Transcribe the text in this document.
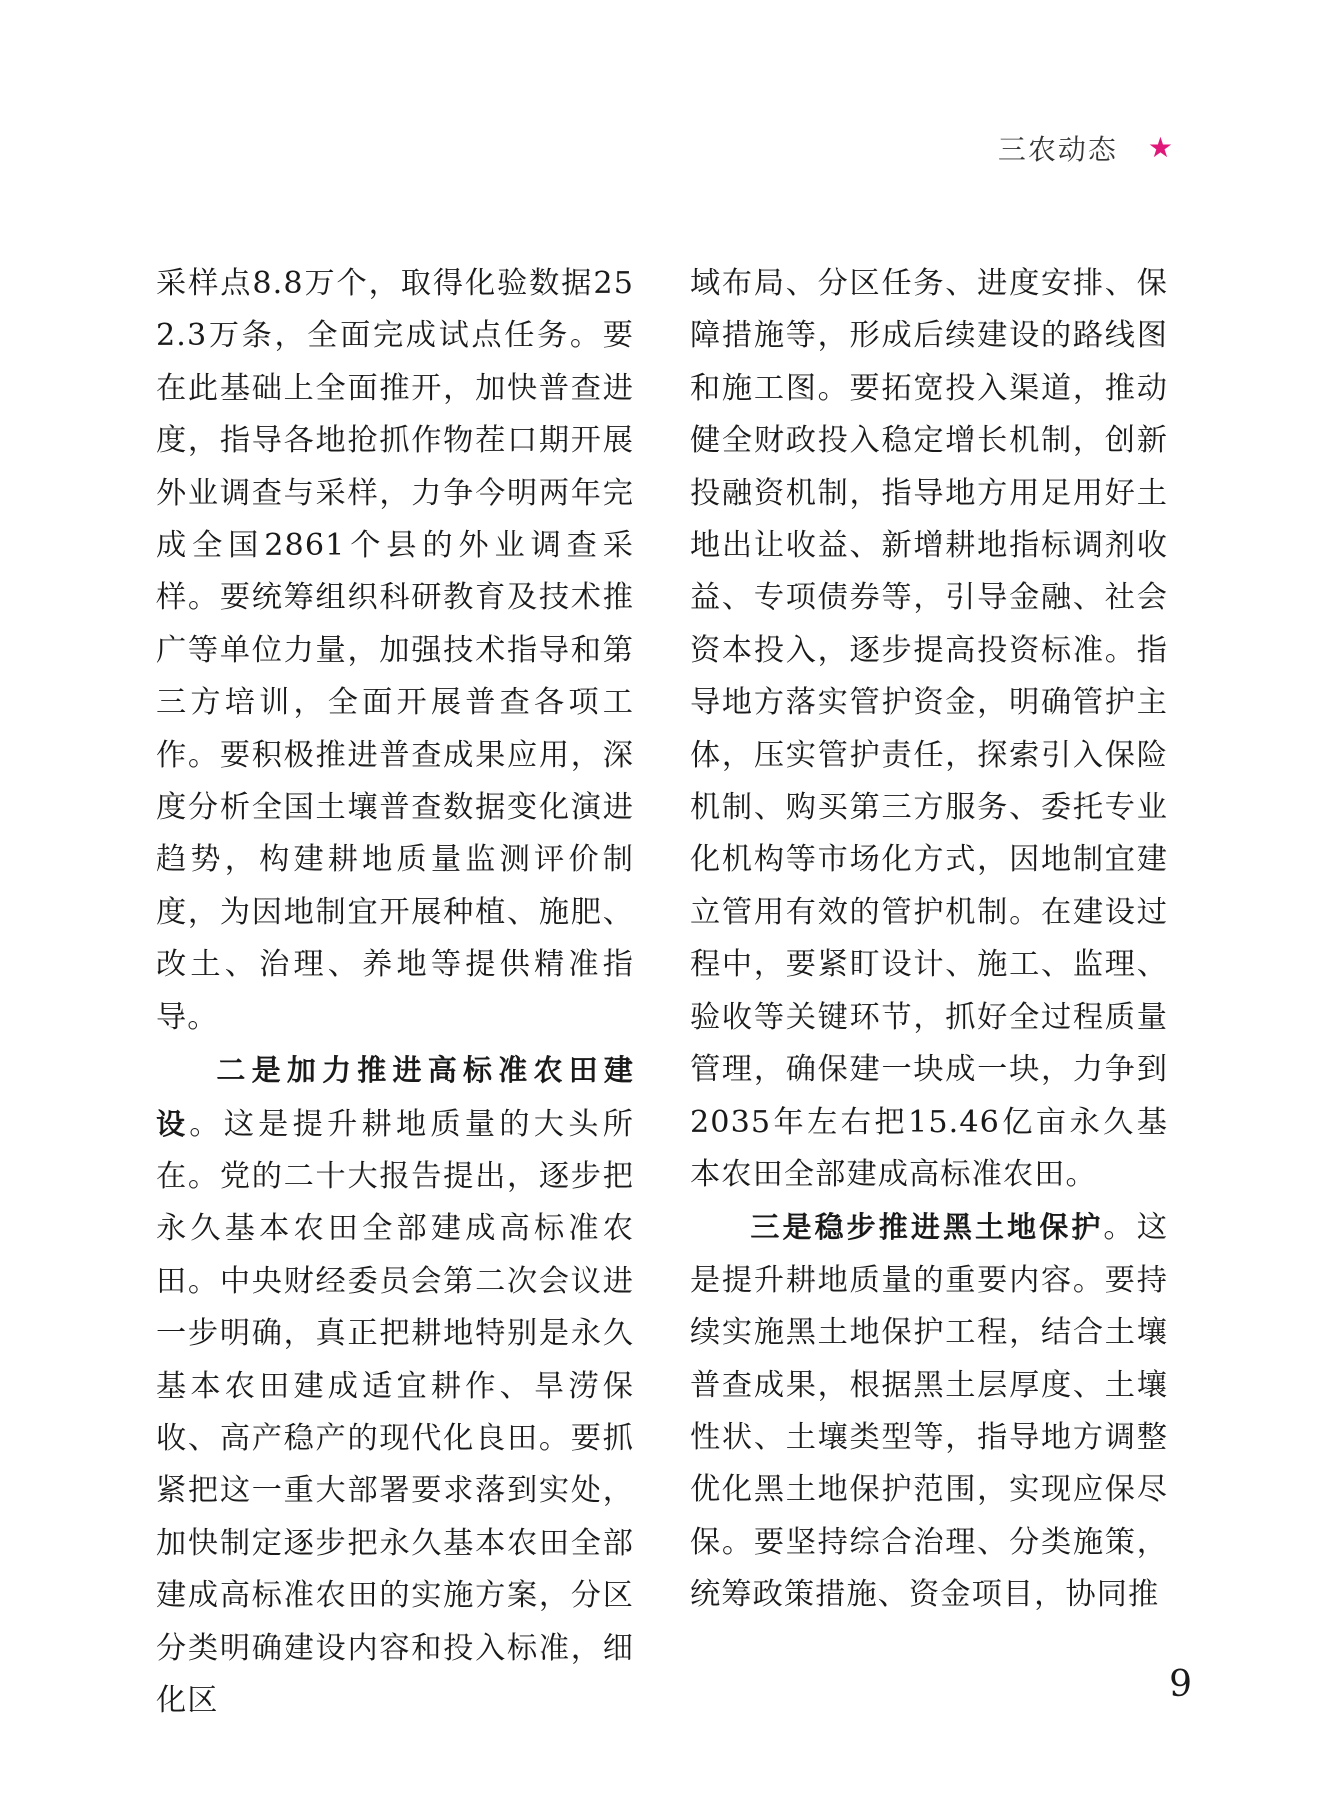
三农动态 ★

采样点8.8万个，取得化验数据252.3万条，全面完成试点任务。要在此基础上全面推开，加快普查进度，指导各地抢抓作物茬口期开展外业调查与采样，力争今明两年完成全国2861个县的外业调查采样。要统筹组织科研教育及技术推广等单位力量，加强技术指导和第三方培训，全面开展普查各项工作。要积极推进普查成果应用，深度分析全国土壤普查数据变化演进趋势，构建耕地质量监测评价制度，为因地制宜开展种植、施肥、改土、治理、养地等提供精准指导。

二是加力推进高标准农田建设。这是提升耕地质量的大头所在。党的二十大报告提出，逐步把永久基本农田全部建成高标准农田。中央财经委员会第二次会议进一步明确，真正把耕地特别是永久基本农田建成适宜耕作、旱涝保收、高产稳产的现代化良田。要抓紧把这一重大部署要求落到实处，加快制定逐步把永久基本农田全部建成高标准农田的实施方案，分区分类明确建设内容和投入标准，细化区

域布局、分区任务、进度安排、保障措施等，形成后续建设的路线图和施工图。要拓宽投入渠道，推动健全财政投入稳定增长机制，创新投融资机制，指导地方用足用好土地出让收益、新增耕地指标调剂收益、专项债券等，引导金融、社会资本投入，逐步提高投资标准。指导地方落实管护资金，明确管护主体，压实管护责任，探索引入保险机制、购买第三方服务、委托专业化机构等市场化方式，因地制宜建立管用有效的管护机制。在建设过程中，要紧盯设计、施工、监理、验收等关键环节，抓好全过程质量管理，确保建一块成一块，力争到2035年左右把15.46亿亩永久基本农田全部建成高标准农田。

三是稳步推进黑土地保护。这是提升耕地质量的重要内容。要持续实施黑土地保护工程，结合土壤普查成果，根据黑土层厚度、土壤性状、土壤类型等，指导地方调整优化黑土地保护范围，实现应保尽保。要坚持综合治理、分类施策，统筹政策措施、资金项目，协同推

9
